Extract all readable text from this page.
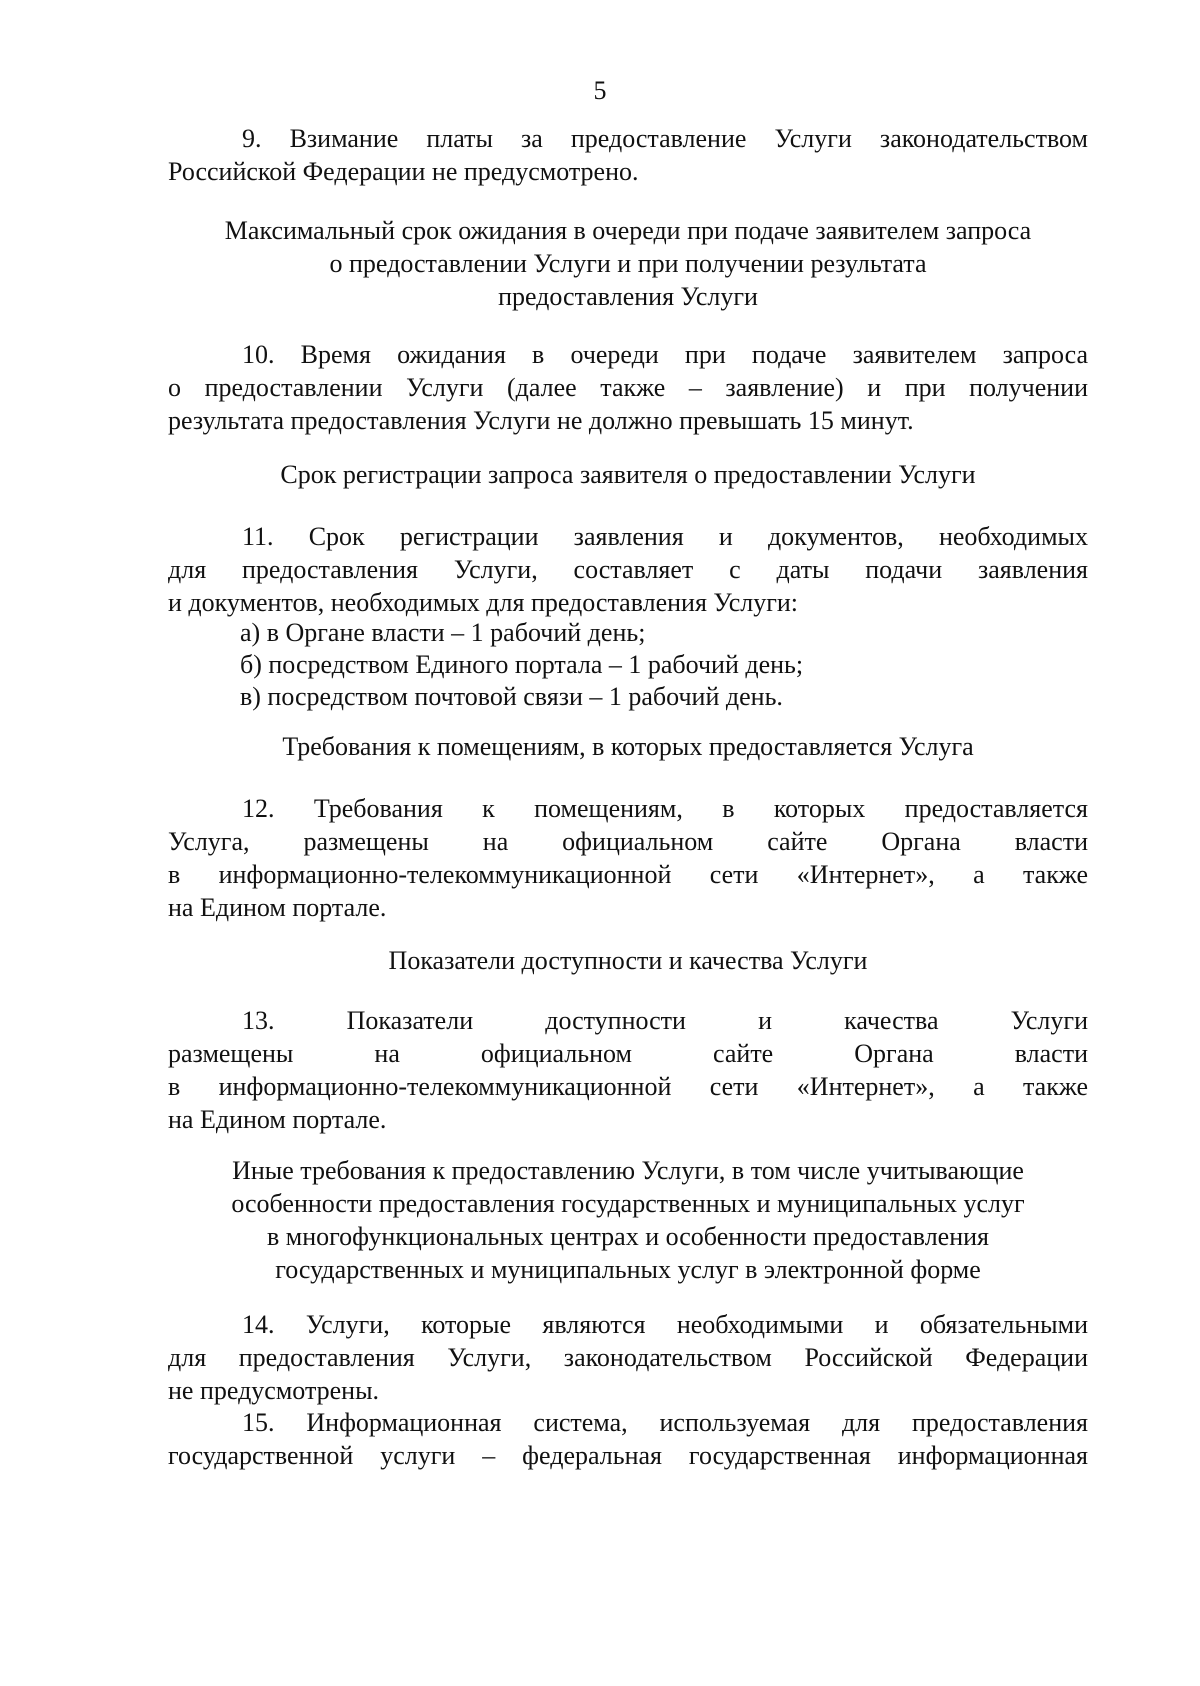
5
9. Взимание платы за предоставление Услуги законодательством
Российской Федерации не предусмотрено.
Максимальный срок ожидания в очереди при подаче заявителем запроса
о предоставлении Услуги и при получении результата
предоставления Услуги
10. Время ожидания в очереди при подаче заявителем запроса
о предоставлении Услуги (далее также – заявление) и при получении
результата предоставления Услуги не должно превышать 15 минут.
Срок регистрации запроса заявителя о предоставлении Услуги
11. Срок регистрации заявления и документов, необходимых
для предоставления Услуги, составляет с даты подачи заявления
и документов, необходимых для предоставления Услуги:
а) в Органе власти – 1 рабочий день;
б) посредством Единого портала – 1 рабочий день;
в) посредством почтовой связи – 1 рабочий день.
Требования к помещениям, в которых предоставляется Услуга
12. Требования к помещениям, в которых предоставляется
Услуга, размещены на официальном сайте Органа власти
в информационно-телекоммуникационной сети «Интернет», а также
на Едином портале.
Показатели доступности и качества Услуги
13. Показатели доступности и качества Услуги
размещены на официальном сайте Органа власти
в информационно-телекоммуникационной сети «Интернет», а также
на Едином портале.
Иные требования к предоставлению Услуги, в том числе учитывающие
особенности предоставления государственных и муниципальных услуг
в многофункциональных центрах и особенности предоставления
государственных и муниципальных услуг в электронной форме
14. Услуги, которые являются необходимыми и обязательными
для предоставления Услуги, законодательством Российской Федерации
не предусмотрены.
15. Информационная система, используемая для предоставления
государственной услуги – федеральная государственная информационная
